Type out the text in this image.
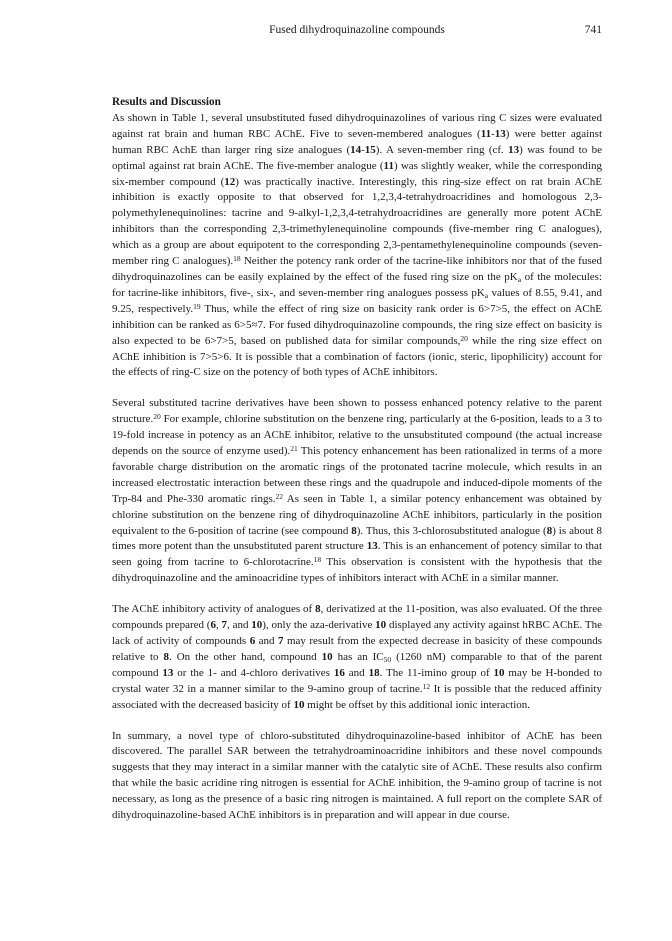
Fused dihydroquinazoline compounds	741
Results and Discussion

As shown in Table 1, several unsubstituted fused dihydroquinazolines of various ring C sizes were evaluated against rat brain and human RBC AChE. Five to seven-membered analogues (11-13) were better against human RBC AchE than larger ring size analogues (14-15). A seven-member ring (cf. 13) was found to be optimal against rat brain AChE. The five-member analogue (11) was slightly weaker, while the corresponding six-member compound (12) was practically inactive. Interestingly, this ring-size effect on rat brain AChE inhibition is exactly opposite to that observed for 1,2,3,4-tetrahydroacridines and homologous 2,3-polymethylenequinolines: tacrine and 9-alkyl-1,2,3,4-tetrahydroacridines are generally more potent AChE inhibitors than the corresponding 2,3-trimethylenequinoline compounds (five-member ring C analogues), which as a group are about equipotent to the corresponding 2,3-pentamethylenequinoline compounds (seven-member ring C analogues).$^{18}$ Neither the potency rank order of the tacrine-like inhibitors nor that of the fused dihydroquinazolines can be easily explained by the effect of the fused ring size on the $pK_a$ of the molecules: for tacrine-like inhibitors, five-, six-, and seven-member ring analogues possess $pK_a$ values of 8.55, 9.41, and 9.25, respectively.$^{19}$ Thus, while the effect of ring size on basicity rank order is 6>7>5, the effect on AChE inhibition can be ranked as 6>5≈7. For fused dihydroquinazoline compounds, the ring size effect on basicity is also expected to be 6>7>5, based on published data for similar compounds,$^{20}$ while the ring size effect on AChE inhibition is 7>5>6. It is possible that a combination of factors (ionic, steric, lipophilicity) account for the effects of ring-C size on the potency of both types of AChE inhibitors.

Several substituted tacrine derivatives have been shown to possess enhanced potency relative to the parent structure.$^{20}$ For example, chlorine substitution on the benzene ring, particularly at the 6-position, leads to a 3 to 19-fold increase in potency as an AChE inhibitor, relative to the unsubstituted compound (the actual increase depends on the source of enzyme used).$^{21}$ This potency enhancement has been rationalized in terms of a more favorable charge distribution on the aromatic rings of the protonated tacrine molecule, which results in an increased electrostatic interaction between these rings and the quadrupole and induced-dipole moments of the Trp-84 and Phe-330 aromatic rings.$^{22}$ As seen in Table 1, a similar potency enhancement was obtained by chlorine substitution on the benzene ring of dihydroquinazoline AChE inhibitors, particularly in the position equivalent to the 6-position of tacrine (see compound 8). Thus, this 3-chlorosubstituted analogue (8) is about 8 times more potent than the unsubstituted parent structure 13. This is an enhancement of potency similar to that seen going from tacrine to 6-chlorotacrine.$^{18}$ This observation is consistent with the hypothesis that the dihydroquinazoline and the aminoacridine types of inhibitors interact with AChE in a similar manner.

The AChE inhibitory activity of analogues of 8, derivatized at the 11-position, was also evaluated. Of the three compounds prepared (6, 7, and 10), only the aza-derivative 10 displayed any activity against hRBC AChE. The lack of activity of compounds 6 and 7 may result from the expected decrease in basicity of these compounds relative to 8. On the other hand, compound 10 has an $IC_{50}$ (1260 nM) comparable to that of the parent compound 13 or the 1- and 4-chloro derivatives 16 and 18. The 11-imino group of 10 may be H-bonded to crystal water 32 in a manner similar to the 9-amino group of tacrine.$^{12}$ It is possible that the reduced affinity associated with the decreased basicity of 10 might be offset by this additional ionic interaction.

In summary, a novel type of chloro-substituted dihydroquinazoline-based inhibitor of AChE has been discovered. The parallel SAR between the tetrahydroaminoacridine inhibitors and these novel compounds suggests that they may interact in a similar manner with the catalytic site of AChE. These results also confirm that while the basic acridine ring nitrogen is essential for AChE inhibition, the 9-amino group of tacrine is not necessary, as long as the presence of a basic ring nitrogen is maintained. A full report on the complete SAR of dihydroquinazoline-based AChE inhibitors is in preparation and will appear in due course.
